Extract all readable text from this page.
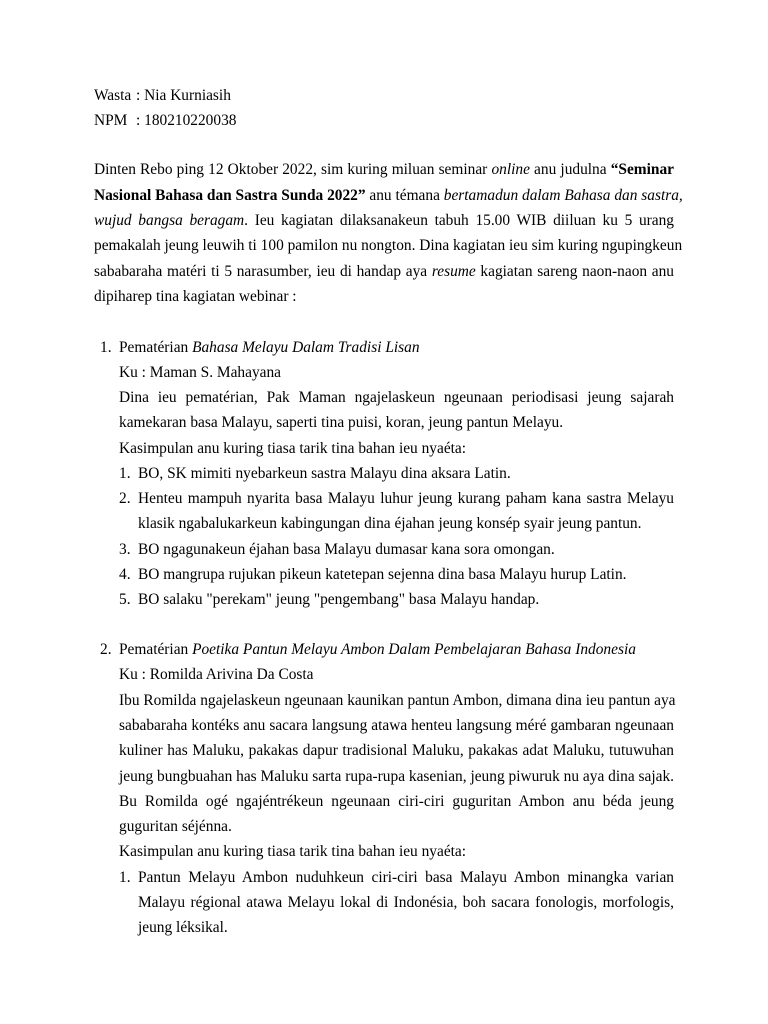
Wasta : Nia Kurniasih
NPM : 180210220038
Dinten Rebo ping 12 Oktober 2022, sim kuring miluan seminar online anu judulna “Seminar
Nasional Bahasa dan Sastra Sunda 2022” anu témana bertamadun dalam Bahasa dan sastra,
wujud bangsa beragam. Ieu kagiatan dilaksanakeun tabuh 15.00 WIB diiluan ku 5 urang
pemakalah jeung leuwih ti 100 pamilon nu nongton. Dina kagiatan ieu sim kuring ngupingkeun
sababaraha matéri ti 5 narasumber, ieu di handap aya resume kagiatan sareng naon-naon anu
dipiharep tina kagiatan webinar :
1. Pematérian Bahasa Melayu Dalam Tradisi Lisan
Ku : Maman S. Mahayana
Dina ieu pematérian, Pak Maman ngajelaskeun ngeunaan periodisasi jeung sajarah
kamekaran basa Malayu, saperti tina puisi, koran, jeung pantun Melayu.
Kasimpulan anu kuring tiasa tarik tina bahan ieu nyaéta:
1. BO, SK mimiti nyebarkeun sastra Malayu dina aksara Latin.
2. Henteu mampuh nyarita basa Malayu luhur jeung kurang paham kana sastra Melayu
klasik ngabalukarkeun kabingungan dina éjahan jeung konsép syair jeung pantun.
3. BO ngagunakeun éjahan basa Malayu dumasar kana sora omongan.
4. BO mangrupa rujukan pikeun katetepan sejenna dina basa Malayu hurup Latin.
5. BO salaku "perekam" jeung "pengembang" basa Malayu handap.
2. Pematérian Poetika Pantun Melayu Ambon Dalam Pembelajaran Bahasa Indonesia
Ku : Romilda Arivina Da Costa
Ibu Romilda ngajelaskeun ngeunaan kaunikan pantun Ambon, dimana dina ieu pantun aya
sababaraha kontéks anu sacara langsung atawa henteu langsung méré gambaran ngeunaan
kuliner has Maluku, pakakas dapur tradisional Maluku, pakakas adat Maluku, tutuwuhan
jeung bungbuahan has Maluku sarta rupa-rupa kasenian, jeung piwuruk nu aya dina sajak.
Bu Romilda ogé ngajéntrékeun ngeunaan ciri-ciri guguritan Ambon anu béda jeung
guguritan séjénna.
Kasimpulan anu kuring tiasa tarik tina bahan ieu nyaéta:
1. Pantun Melayu Ambon nuduhkeun ciri-ciri basa Malayu Ambon minangka varian
Malayu régional atawa Melayu lokal di Indonésia, boh sacara fonologis, morfologis,
jeung léksikal.
